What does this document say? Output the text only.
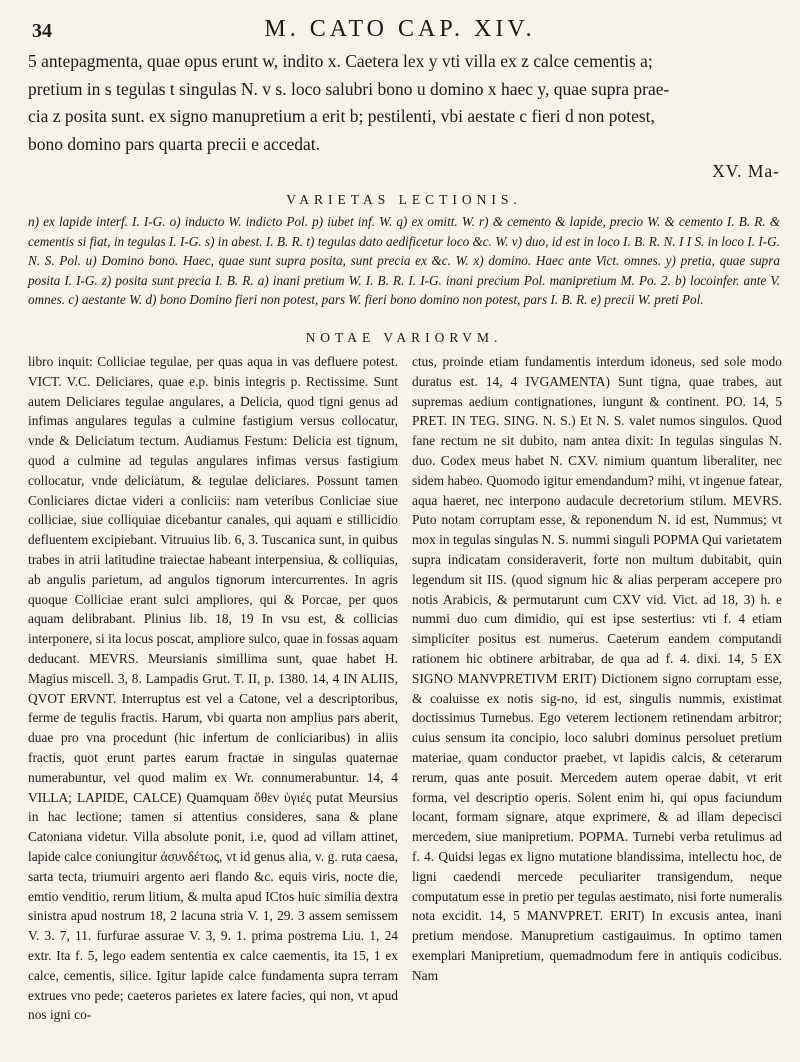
34	M. CATO CAP. XIV.

5 antepagmenta, quae opus erunt w, indito x. Caetera lex y vti villa ex z calce cementis a;

pretium in s tegulas t singulas N. v s. loco salubri bono u domino x haec y, quae supra prae-

cia z posita sunt. ex signo manupretium a erit b; pestilenti, vbi aestate c fieri d non potest,

bono domino pars quarta precii e accedat.

XV. Ma-
VARIETAS LECTIONIS.

n) ex lapide interf. I. I-G. o) inducto W. indicto Pol. p) iubet inf. W. q) ex omitt. W. r) & cemento & lapide, precio W. & cemento I. B. R. & cementis si fiat, in tegulas I. I-G. s) in abest. I. B. R. t) tegulas dato aedificetur loco &c. W. v) duo, id est in loco I. B. R. N. I I S. in loco I. I-G. N. S. Pol. u) Domino bono. Haec, quae sunt supra posita, sunt precia ex &c. W. x) domino. Haec ante Vict. omnes. y) pretia, quae supra posita I. I-G. z) posita sunt precia I. B. R. a) inani pretium W. I. B. R. I. I-G. inani precium Pol. manipretium M. Po. 2. b) locoinfer. ante V. omnes. c) aestante W. d) bono Domino fieri non potest, pars W. fieri bono domino non potest, pars I. B. R. e) precii W. preti Pol.

NOTAE VARIORVM.

libro inquit: Colliciae tegulae, per quas aqua in vas defluere potest. VICT. V.C. Deliciares, quae e.p. binis integris p. Rectissime. Sunt autem Deliciares tegulae angulares, a Delicia, quod tigni genus ad infimas angulares tegulas a culmine fastigium versus collocatur, vnde & Deliciatum tectum. Audiamus Festum: Delicia est tignum, quod a culmine ad tegulas angulares infimas versus fastigium collocatur, vnde deliciatum, & tegulae deliciares. Possunt tamen Conliciares dictae videri a conliciis: nam veteribus Conliciae siue colliciae, siue colliquiae dicebantur canales, qui aquam e stillicidio defluentem excipiebant. Vitruuius lib. 6, 3. Tuscanica sunt, in quibus trabes in atrii latitudine traiectae habeant interpensiua, & colliquias, ab angulis parietum, ad angulos tignorum intercurrentes. In agris quoque Colliciae erant sulci ampliores, qui & Porcae, per quos aquam delibrabant. Plinius lib. 18, 19 In vsu est, & collicias interponere, si ita locus poscat, ampliore sulco, quae in fossas aquam deducant. MEVRS. Meursianis simillima sunt, quae habet H. Magius miscell. 3, 8. Lampadis Grut. T. II, p. 1380. 14, 4 IN ALIIS, QVOT ERVNT. Interruptus est vel a Catone, vel a descriptoribus, ferme de tegulis fractis. Harum, vbi quarta non amplius pars aberit, duae pro vna procedunt (hic infertum de conliciaribus) in aliis fractis, quot erunt partes earum fractae in singulas quaternae numerabuntur, vel quod malim ex Wr. connumerabuntur. 14, 4 VILLA; LAPIDE, CALCE) Quamquam ὅθεν ὑγιές putat Meursius in hac lectione; tamen si attentius consideres, sana & plane Catoniana videtur. Villa absolute ponit, i.e, quod ad villam attinet, lapide calce coniungitur ἀσυνδέτως, vt id genus alia, v. g. ruta caesa, sarta tecta, triumuiri argento aeri flando &c. equis viris, nocte die, emtio venditio, rerum litium, & multa apud ICtos huic similia dextra sinistra apud nostrum 18, 2 lacuna stria V. 1, 29. 3 assem semissem V. 3. 7, 11. furfurae assurae V. 3, 9. 1. prima postrema Liu. 1, 24 extr. Ita f. 5, lego eadem sententia ex calce caementis, ita 15, 1 ex calce, cementis, silice. Igitur lapide calce fundamenta supra terram extrues vno pede; caeteros parietes ex latere facies, qui non, vt apud nos igni co-

ctus, proinde etiam fundamentis interdum idoneus, sed sole modo duratus est. 14, 4 IVGAMENTA) Sunt tigna, quae trabes, aut supremas aedium contignationes, iungunt & continent. PO. 14, 5 PRET. IN TEG. SING. N. S.) Et N. S. valet numos singulos. Quod fane rectum ne sit dubito, nam antea dixit: In tegulas singulas N. duo. Codex meus habet N. CXV. nimium quantum liberaliter, nec sidem habeo. Quomodo igitur emendandum? mihi, vt ingenue fatear, aqua haeret, nec interpono audacule decretorium stilum. MEVRS. Puto notam corruptam esse, & reponendum N. id est, Nummus; vt mox in tegulas singulas N. S. nummi singuli POPMA Qui varietatem supra indicatam consideraverit, forte non multum dubitabit, quin legendum sit IIS. (quod signum hic & alias perperam accepere pro notis Arabicis, & permutarunt cum CXV vid. Vict. ad 18, 3) h. e nummi duo cum dimidio, qui est ipse sestertius: vti f. 4 etiam simpliciter positus est numerus. Caeterum eandem computandi rationem hic obtinere arbitrabar, de qua ad f. 4. dixi. 14, 5 EX SIGNO MANVPRETIVM ERIT) Dictionem signo corruptam esse, & coaluisse ex notis sig-no, id est, singulis nummis, existimat doctissimus Turnebus. Ego veterem lectionem retinendam arbitror; cuius sensum ita concipio, loco salubri dominus persoluet pretium materiae, quam conductor praebet, vt lapidis calcis, & ceterarum rerum, quas ante posuit. Mercedem autem operae dabit, vt erit forma, vel descriptio operis. Solent enim hi, qui opus faciundum locant, formam signare, atque exprimere, & ad illam depecisci mercedem, siue manipretium. POPMA. Turnebi verba retulimus ad f. 4. Quidsi legas ex ligno mutatione blandissima, intellectu hoc, de ligni caedendi mercede peculiariter transigendum, neque computatum esse in pretio per tegulas aestimato, nisi forte numeralis nota excidit. 14, 5 MANVPRET. ERIT) In excusis antea, inani pretium mendose. Manupretium castigauimus. In optimo tamen exemplari Manipretium, quemadmodum fere in antiquis codicibus. Nam
